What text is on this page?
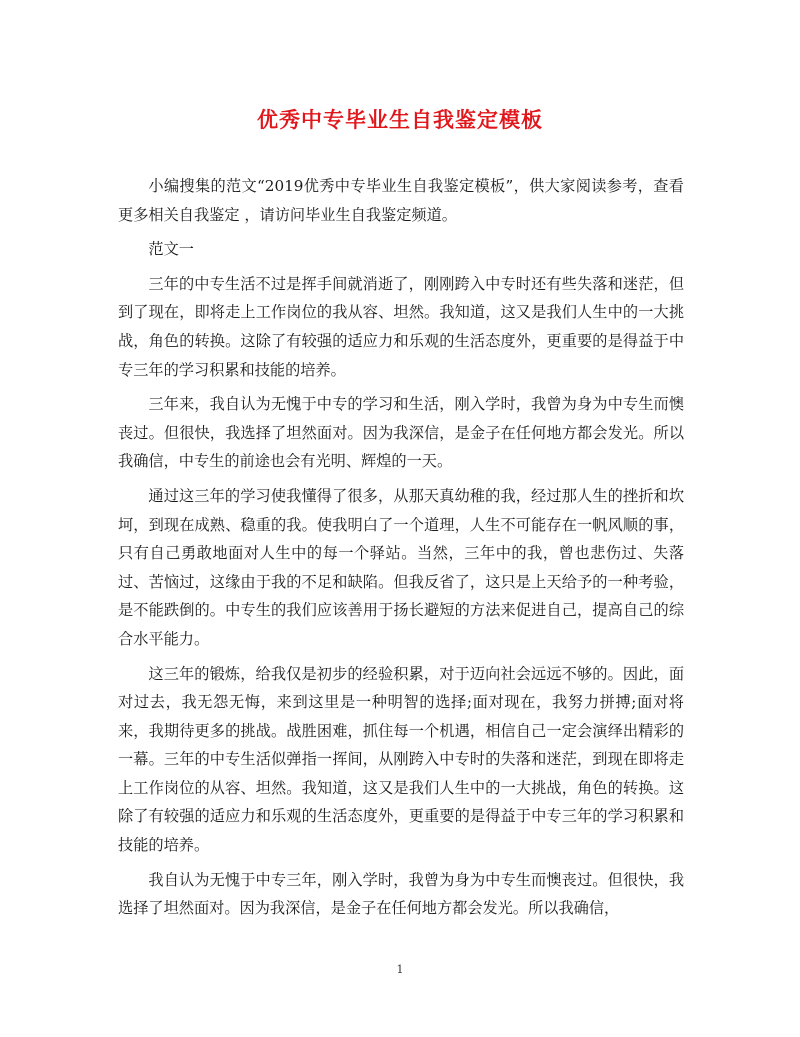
优秀中专毕业生自我鉴定模板

小编搜集的范文“2019优秀中专毕业生自我鉴定模板”，供大家阅读参考，查看更多相关自我鉴定 ，请访问毕业生自我鉴定频道。

范文一

三年的中专生活不过是挥手间就消逝了，刚刚跨入中专时还有些失落和迷茫，但到了现在，即将走上工作岗位的我从容、坦然。我知道，这又是我们人生中的一大挑战，角色的转换。这除了有较强的适应力和乐观的生活态度外，更重要的是得益于中专三年的学习积累和技能的培养。

三年来，我自认为无愧于中专的学习和生活，刚入学时，我曾为身为中专生而懊丧过。但很快，我选择了坦然面对。因为我深信，是金子在任何地方都会发光。所以我确信，中专生的前途也会有光明、辉煌的一天。

通过这三年的学习使我懂得了很多，从那天真幼稚的我，经过那人生的挫折和坎坷，到现在成熟、稳重的我。使我明白了一个道理，人生不可能存在一帆风顺的事，只有自己勇敢地面对人生中的每一个驿站。当然，三年中的我，曾也悲伤过、失落过、苦恼过，这缘由于我的不足和缺陷。但我反省了，这只是上天给予的一种考验，是不能跌倒的。中专生的我们应该善用于扬长避短的方法来促进自己，提高自己的综合水平能力。

这三年的锻炼，给我仅是初步的经验积累，对于迈向社会远远不够的。因此，面对过去，我无怨无悔，来到这里是一种明智的选择;面对现在，我努力拼搏;面对将来，我期待更多的挑战。战胜困难，抓住每一个机遇，相信自己一定会演绎出精彩的一幕。三年的中专生活似弹指一挥间，从刚跨入中专时的失落和迷茫，到现在即将走上工作岗位的从容、坦然。我知道，这又是我们人生中的一大挑战，角色的转换。这除了有较强的适应力和乐观的生活态度外，更重要的是得益于中专三年的学习积累和技能的培养。

我自认为无愧于中专三年，刚入学时，我曾为身为中专生而懊丧过。但很快，我选择了坦然面对。因为我深信，是金子在任何地方都会发光。所以我确信，

1
